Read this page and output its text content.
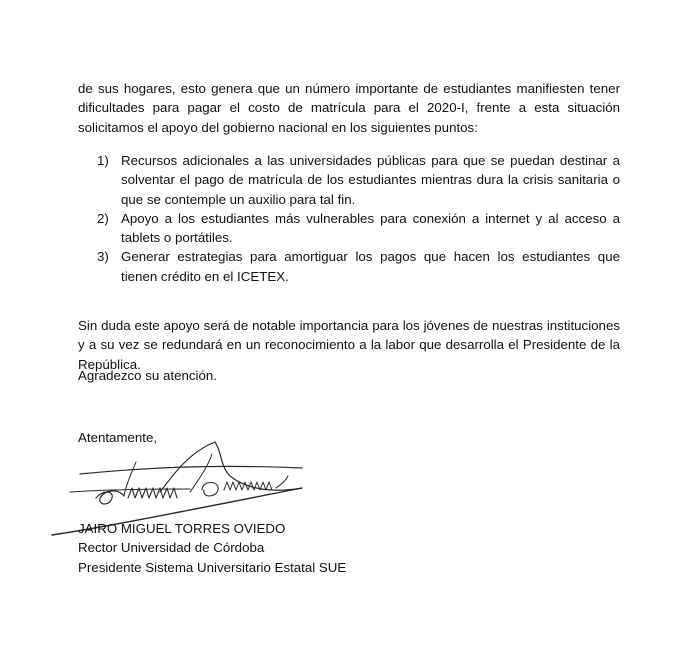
de sus hogares, esto genera que un número importante de estudiantes manifiesten tener dificultades para pagar el costo de matrícula para el 2020-I, frente a esta situación solicitamos el apoyo del gobierno nacional en los siguientes puntos:

1) Recursos adicionales a las universidades públicas para que se puedan destinar a solventar el pago de matrícula de los estudiantes mientras dura la crisis sanitaria o que se contemple un auxilio para tal fin.
2) Apoyo a los estudiantes más vulnerables para conexión a internet y al acceso a tablets o portátiles.
3) Generar estrategias para amortiguar los pagos que hacen los estudiantes que tienen crédito en el ICETEX.

Sin duda este apoyo será de notable importancia para los jóvenes de nuestras instituciones y a su vez se redundará en un reconocimiento a la labor que desarrolla el Presidente de la República.

Agradezco su atención.

Atentamente,

JAIRO MIGUEL TORRES OVIEDO
Rector Universidad de Córdoba
Presidente Sistema Universitario Estatal SUE
